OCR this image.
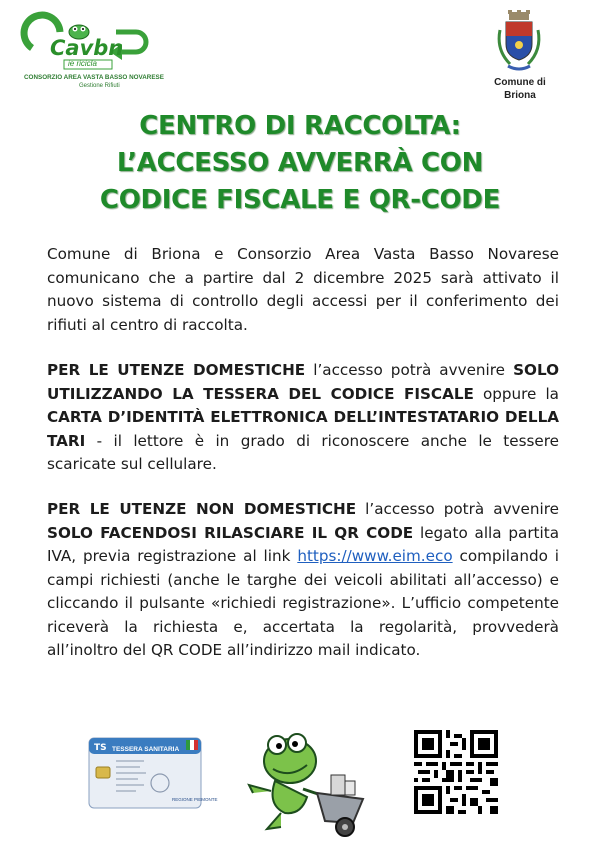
Cavbn
ie ricicla
CONSORZIO AREA VASTA BASSO NOVARESE
Gestione Rifiuti	Comune di
Briona
CENTRO DI RACCOLTA:
L’ACCESSO AVVERRÀ CON
CODICE FISCALE E QR-CODE
Comune di Briona e Consorzio Area Vasta Basso Novarese comunicano che a partire dal 2 dicembre 2025 sarà attivato il nuovo sistema di controllo degli accessi per il conferimento dei rifiuti al centro di raccolta.
PER LE UTENZE DOMESTICHE l’accesso potrà avvenire SOLO UTILIZZANDO LA TESSERA DEL CODICE FISCALE oppure la CARTA D’IDENTITÀ ELETTRONICA DELL’INTESTATARIO DELLA TARI - il lettore è in grado di riconoscere anche le tessere scaricate sul cellulare.
PER LE UTENZE NON DOMESTICHE l’accesso potrà avvenire SOLO FACENDOSI RILASCIARE IL QR CODE legato alla partita IVA, previa registrazione al link https://www.eim.eco compilando i campi richiesti (anche le targhe dei veicoli abilitati all’accesso) e cliccando il pulsante «richiedi registrazione». L’ufficio competente riceverà la richiesta e, accertata la regolarità, provvederà all’inoltro del QR CODE all’indirizzo mail indicato.
TS TESSERA SANITARIA
REGIONE PIEMONTE
